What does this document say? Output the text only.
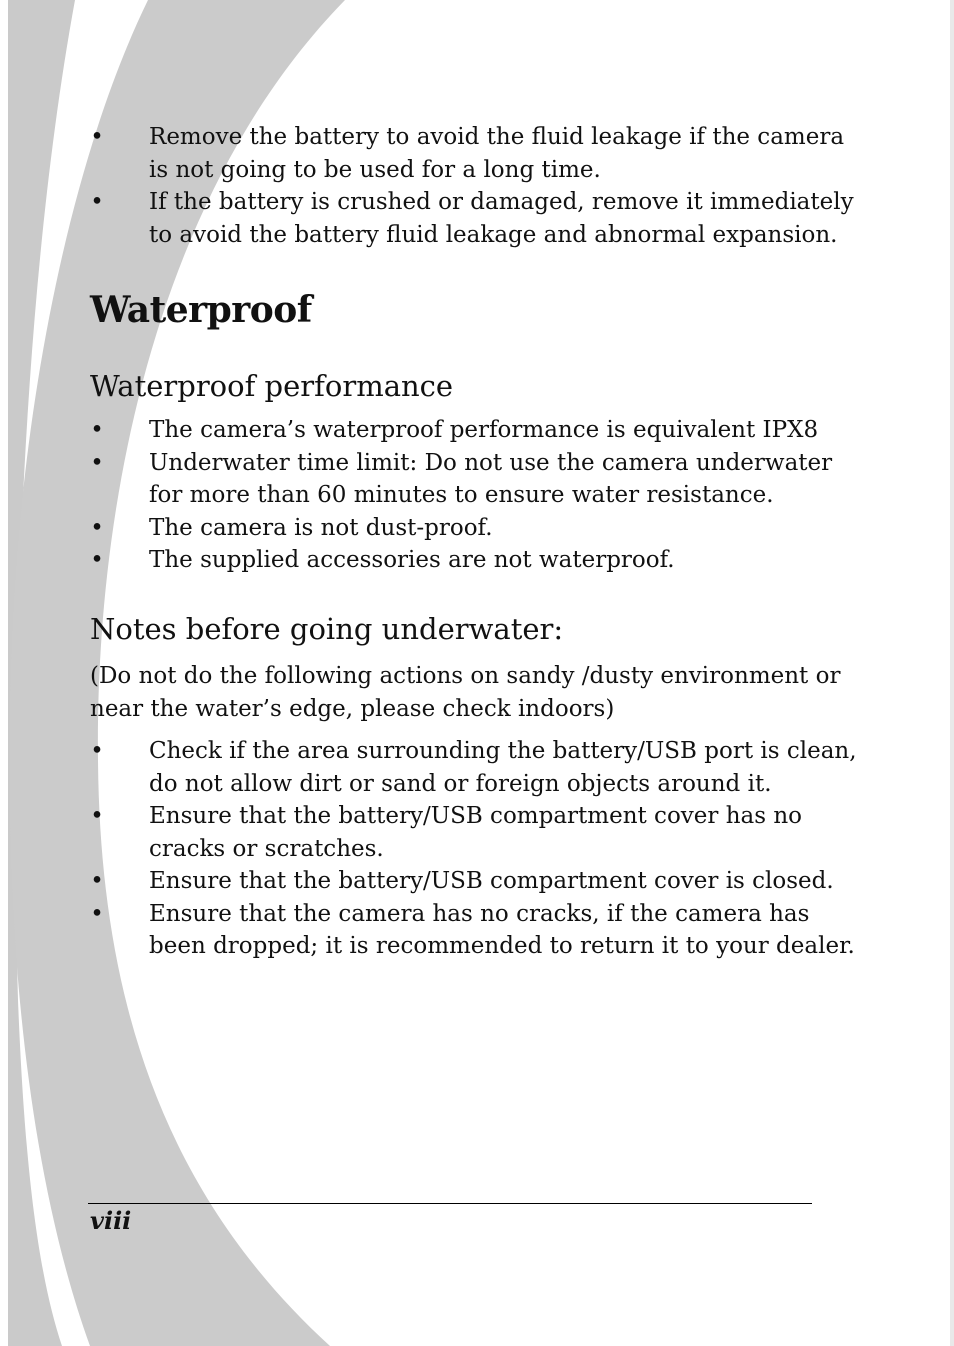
• Remove the battery to avoid the fluid leakage if the camera is not going to be used for a long time.
• If the battery is crushed or damaged, remove it immediately to avoid the battery fluid leakage and abnormal expansion.
Waterproof
Waterproof performance
• The camera’s waterproof performance is equivalent IPX8
• Underwater time limit: Do not use the camera underwater for more than 60 minutes to ensure water resistance.
• The camera is not dust-proof.
• The supplied accessories are not waterproof.
Notes before going underwater:

(Do not do the following actions on sandy /dusty environment or near the water’s edge, please check indoors)

• Check if the area surrounding the battery/USB port is clean, do not allow dirt or sand or foreign objects around it.
• Ensure that the battery/USB compartment cover has no cracks or scratches.
• Ensure that the battery/USB compartment cover is closed.
• Ensure that the camera has no cracks, if the camera has been dropped; it is recommended to return it to your dealer.
viii
